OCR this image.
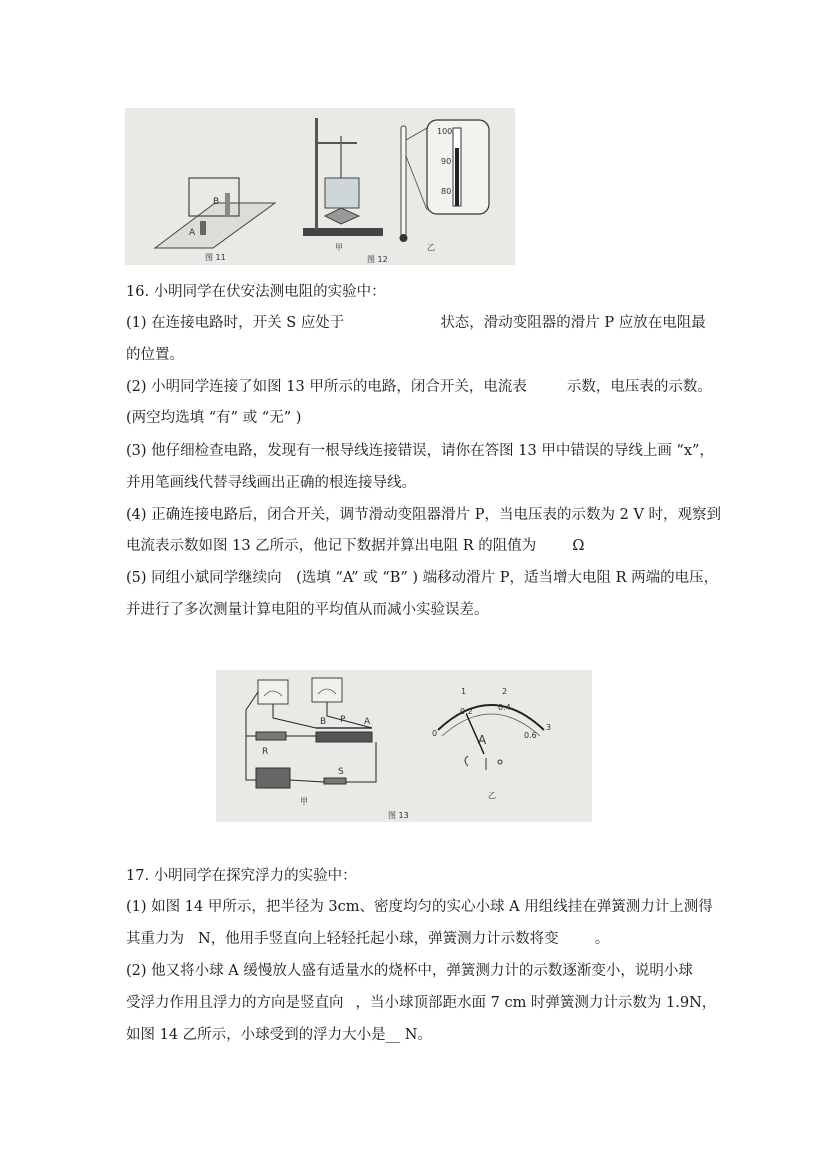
A
B
图 11
甲
100
90
80
乙
图 12
16. 小明同学在伏安法测电阻的实验中：
(1) 在连接电路时，开关 S 应处于	状态，滑动变阻器的滑片 P 应放在电阻最
的位置。
(2) 小明同学连接了如图 13 甲所示的电路，闭合开关，电流表	示数，电压表的示数。
(两空均选填 “有” 或 “无” )
(3) 他仔细检查电路，发现有一根导线连接错误，请你在答图 13 甲中错误的导线上画 “x”，
并用笔画线代替寻线画出正确的根连接导线。
(4) 正确连接电路后，闭合开关，调节滑动变阻器滑片 P，当电压表的示数为 2 V 时，观察到
电流表示数如图 13 乙所示，他记下数据并算出电阻 R 的阻值为 Ω
(5) 同组小斌同学继续向　(选填 “A” 或 “B” ) 端移动滑片 P，适当增大电阻 R 两端的电压，
并进行了多次测量计算电阻的平均值从而减小实验误差。
R
B P A
S
甲
0
1	2
3
0.2	0.4
0.6
A
乙
图 13
17. 小明同学在探究浮力的实验中：
(1) 如图 14 甲所示，把半径为 3cm、密度均匀的实心小球 A 用组线挂在弹簧测力计上测得
其重力为 N，他用手竖直向上轻轻托起小球，弹簧测力计示数将变 。
(2) 他又将小球 A 缓慢放人盛有适量水的烧杯中，弹簧测力计的示数逐渐变小，说明小球
受浮力作用且浮力的方向是竖直向 ，当小球顶部距水面 7 cm 时弹簧测力计示数为 1.9N，
如图 14 乙所示，小球受到的浮力大小是__ N。
